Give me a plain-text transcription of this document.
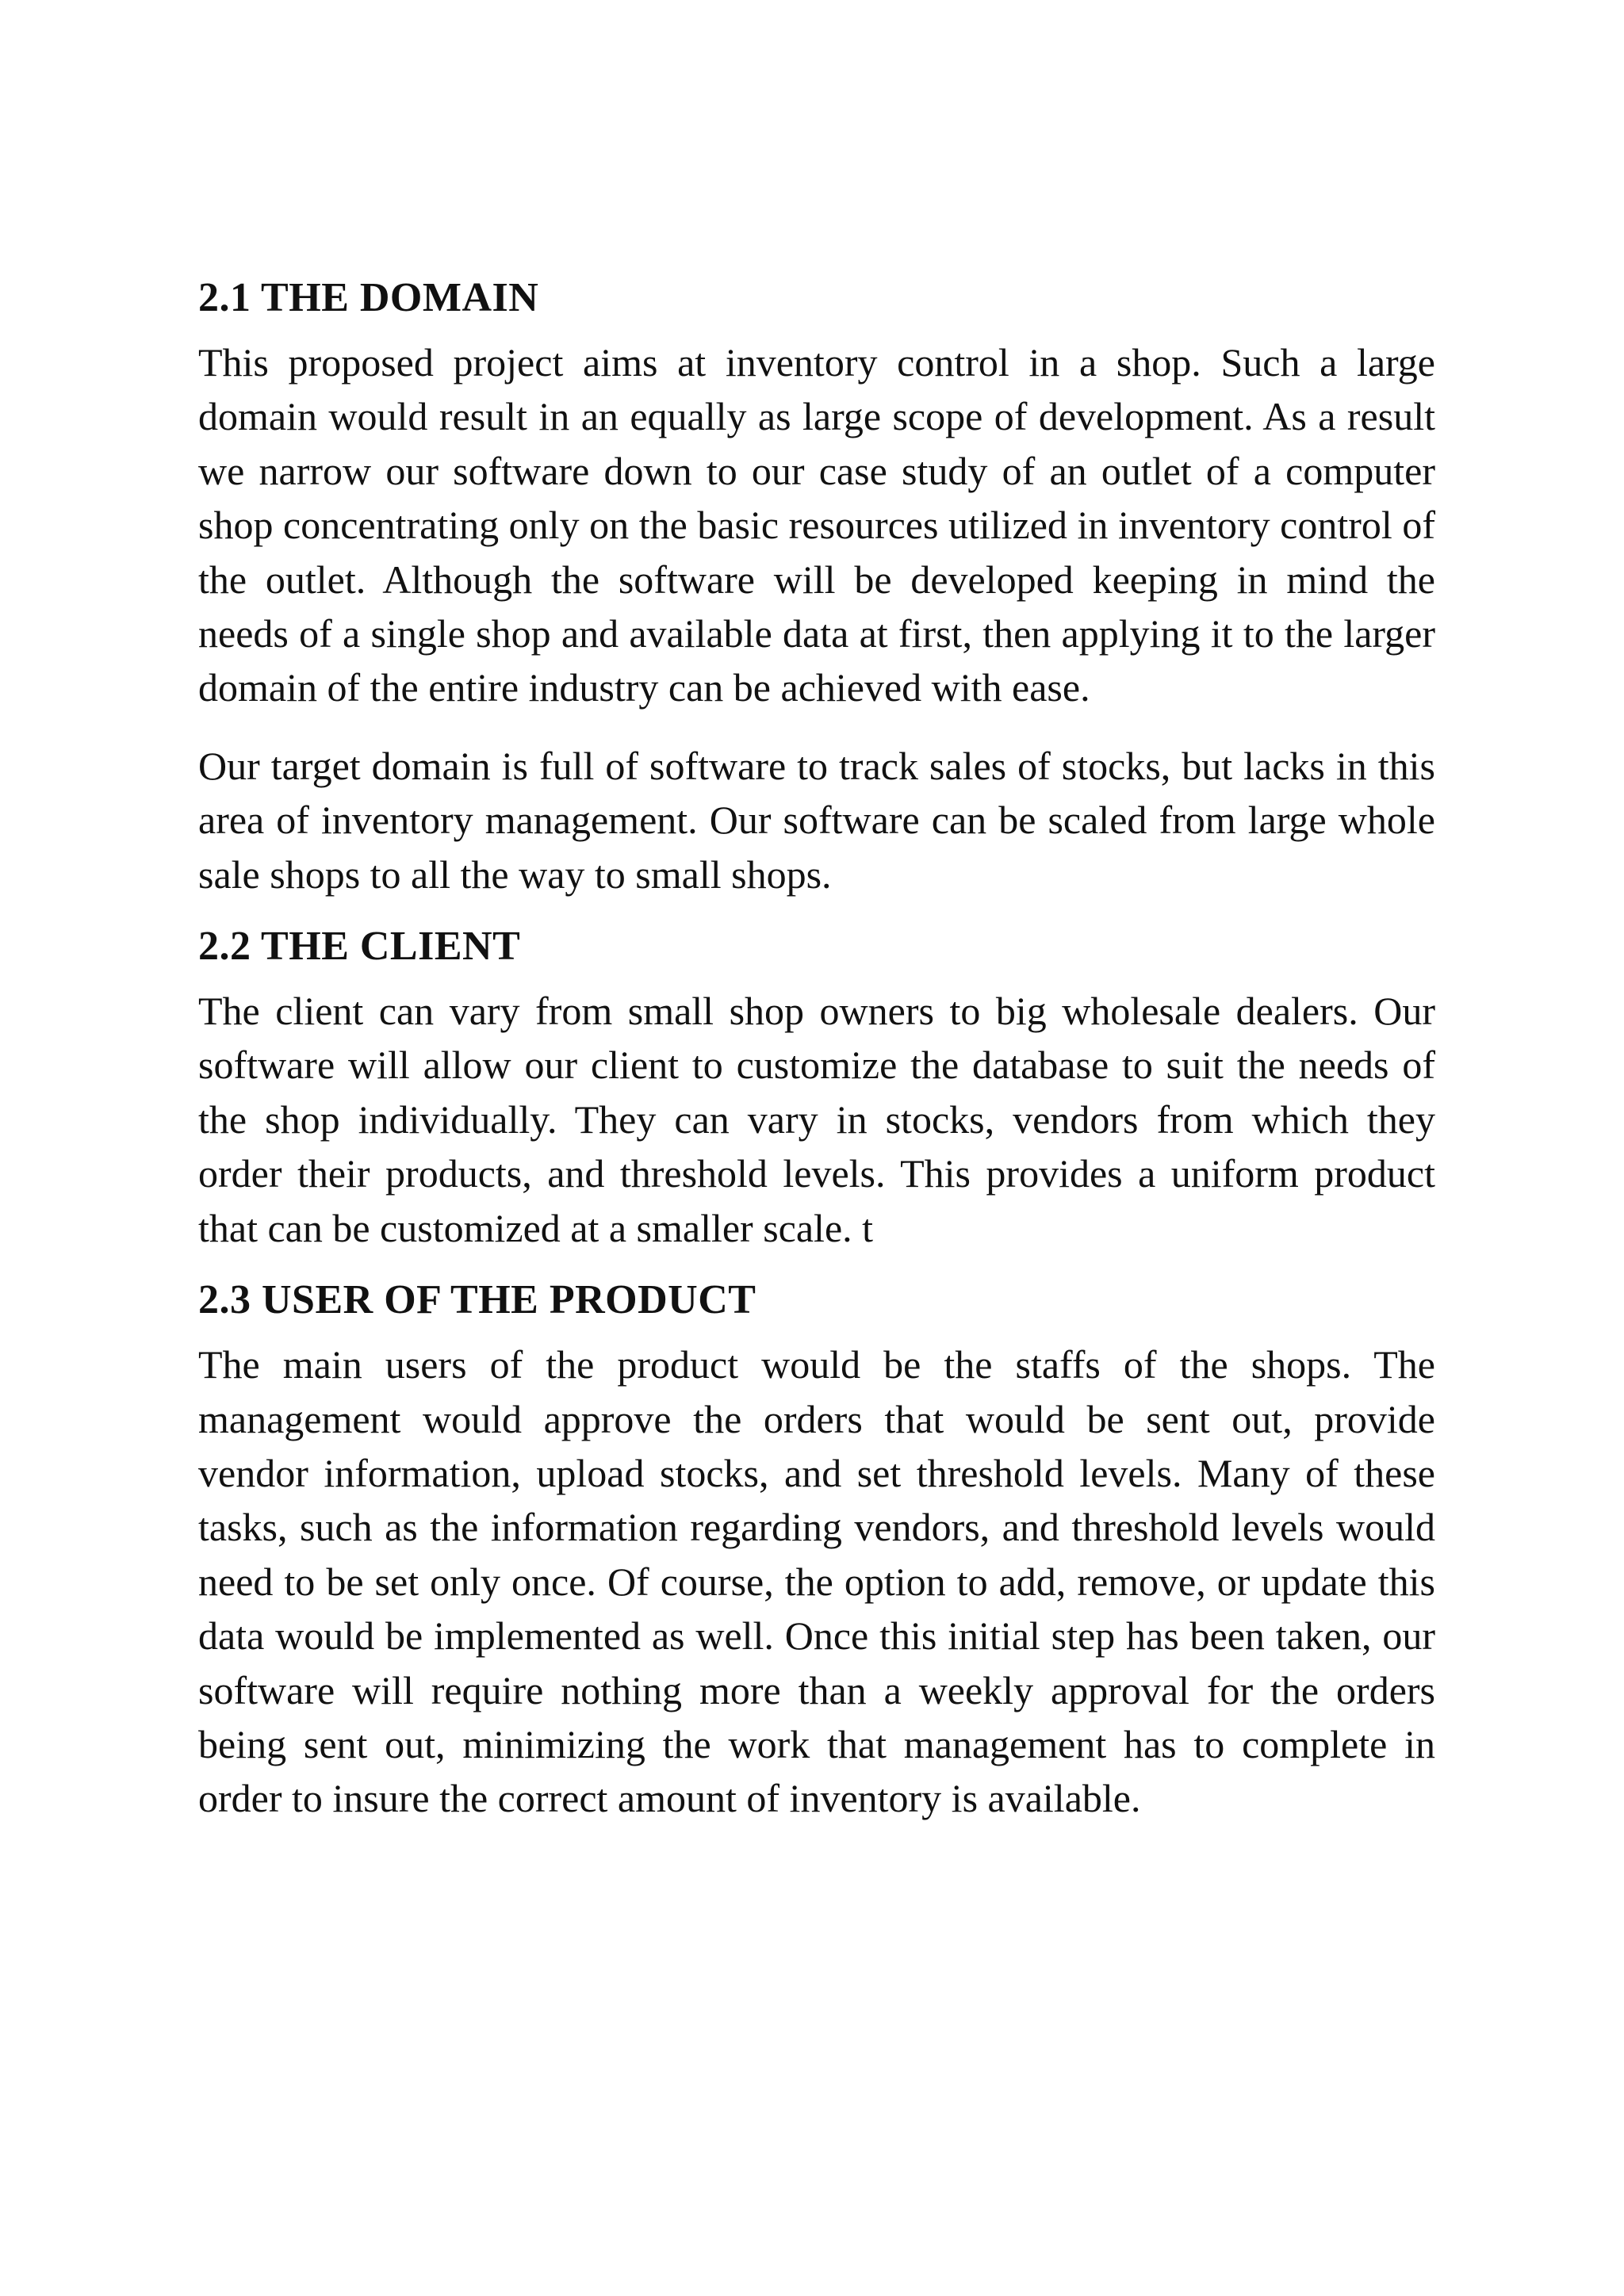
2.1 THE DOMAIN

This proposed project aims at inventory control in a shop. Such a large domain would result in an equally as large scope of development. As a result we narrow our software down to our case study of an outlet of a computer shop concentrating only on the basic resources utilized in inventory control of the outlet. Although the software will be developed keeping in mind the needs of a single shop and available data at first, then applying it to the larger domain of the entire industry can be achieved with ease.

Our target domain is full of software to track sales of stocks, but lacks in this area of inventory management. Our software can be scaled from large whole sale shops to all the way to small shops.

2.2 THE CLIENT

The client can vary from small shop owners to big wholesale dealers. Our software will allow our client to customize the database to suit the needs of the shop individually. They can vary in stocks, vendors from which they order their products, and threshold levels. This provides a uniform product that can be customized at a smaller scale. t

2.3 USER OF THE PRODUCT

The main users of the product would be the staffs of the shops. The management would approve the orders that would be sent out, provide vendor information, upload stocks, and set threshold levels. Many of these tasks, such as the information regarding vendors, and threshold levels would need to be set only once. Of course, the option to add, remove, or update this data would be implemented as well. Once this initial step has been taken, our software will require nothing more than a weekly approval for the orders being sent out, minimizing the work that management has to complete in order to insure the correct amount of inventory is available.
